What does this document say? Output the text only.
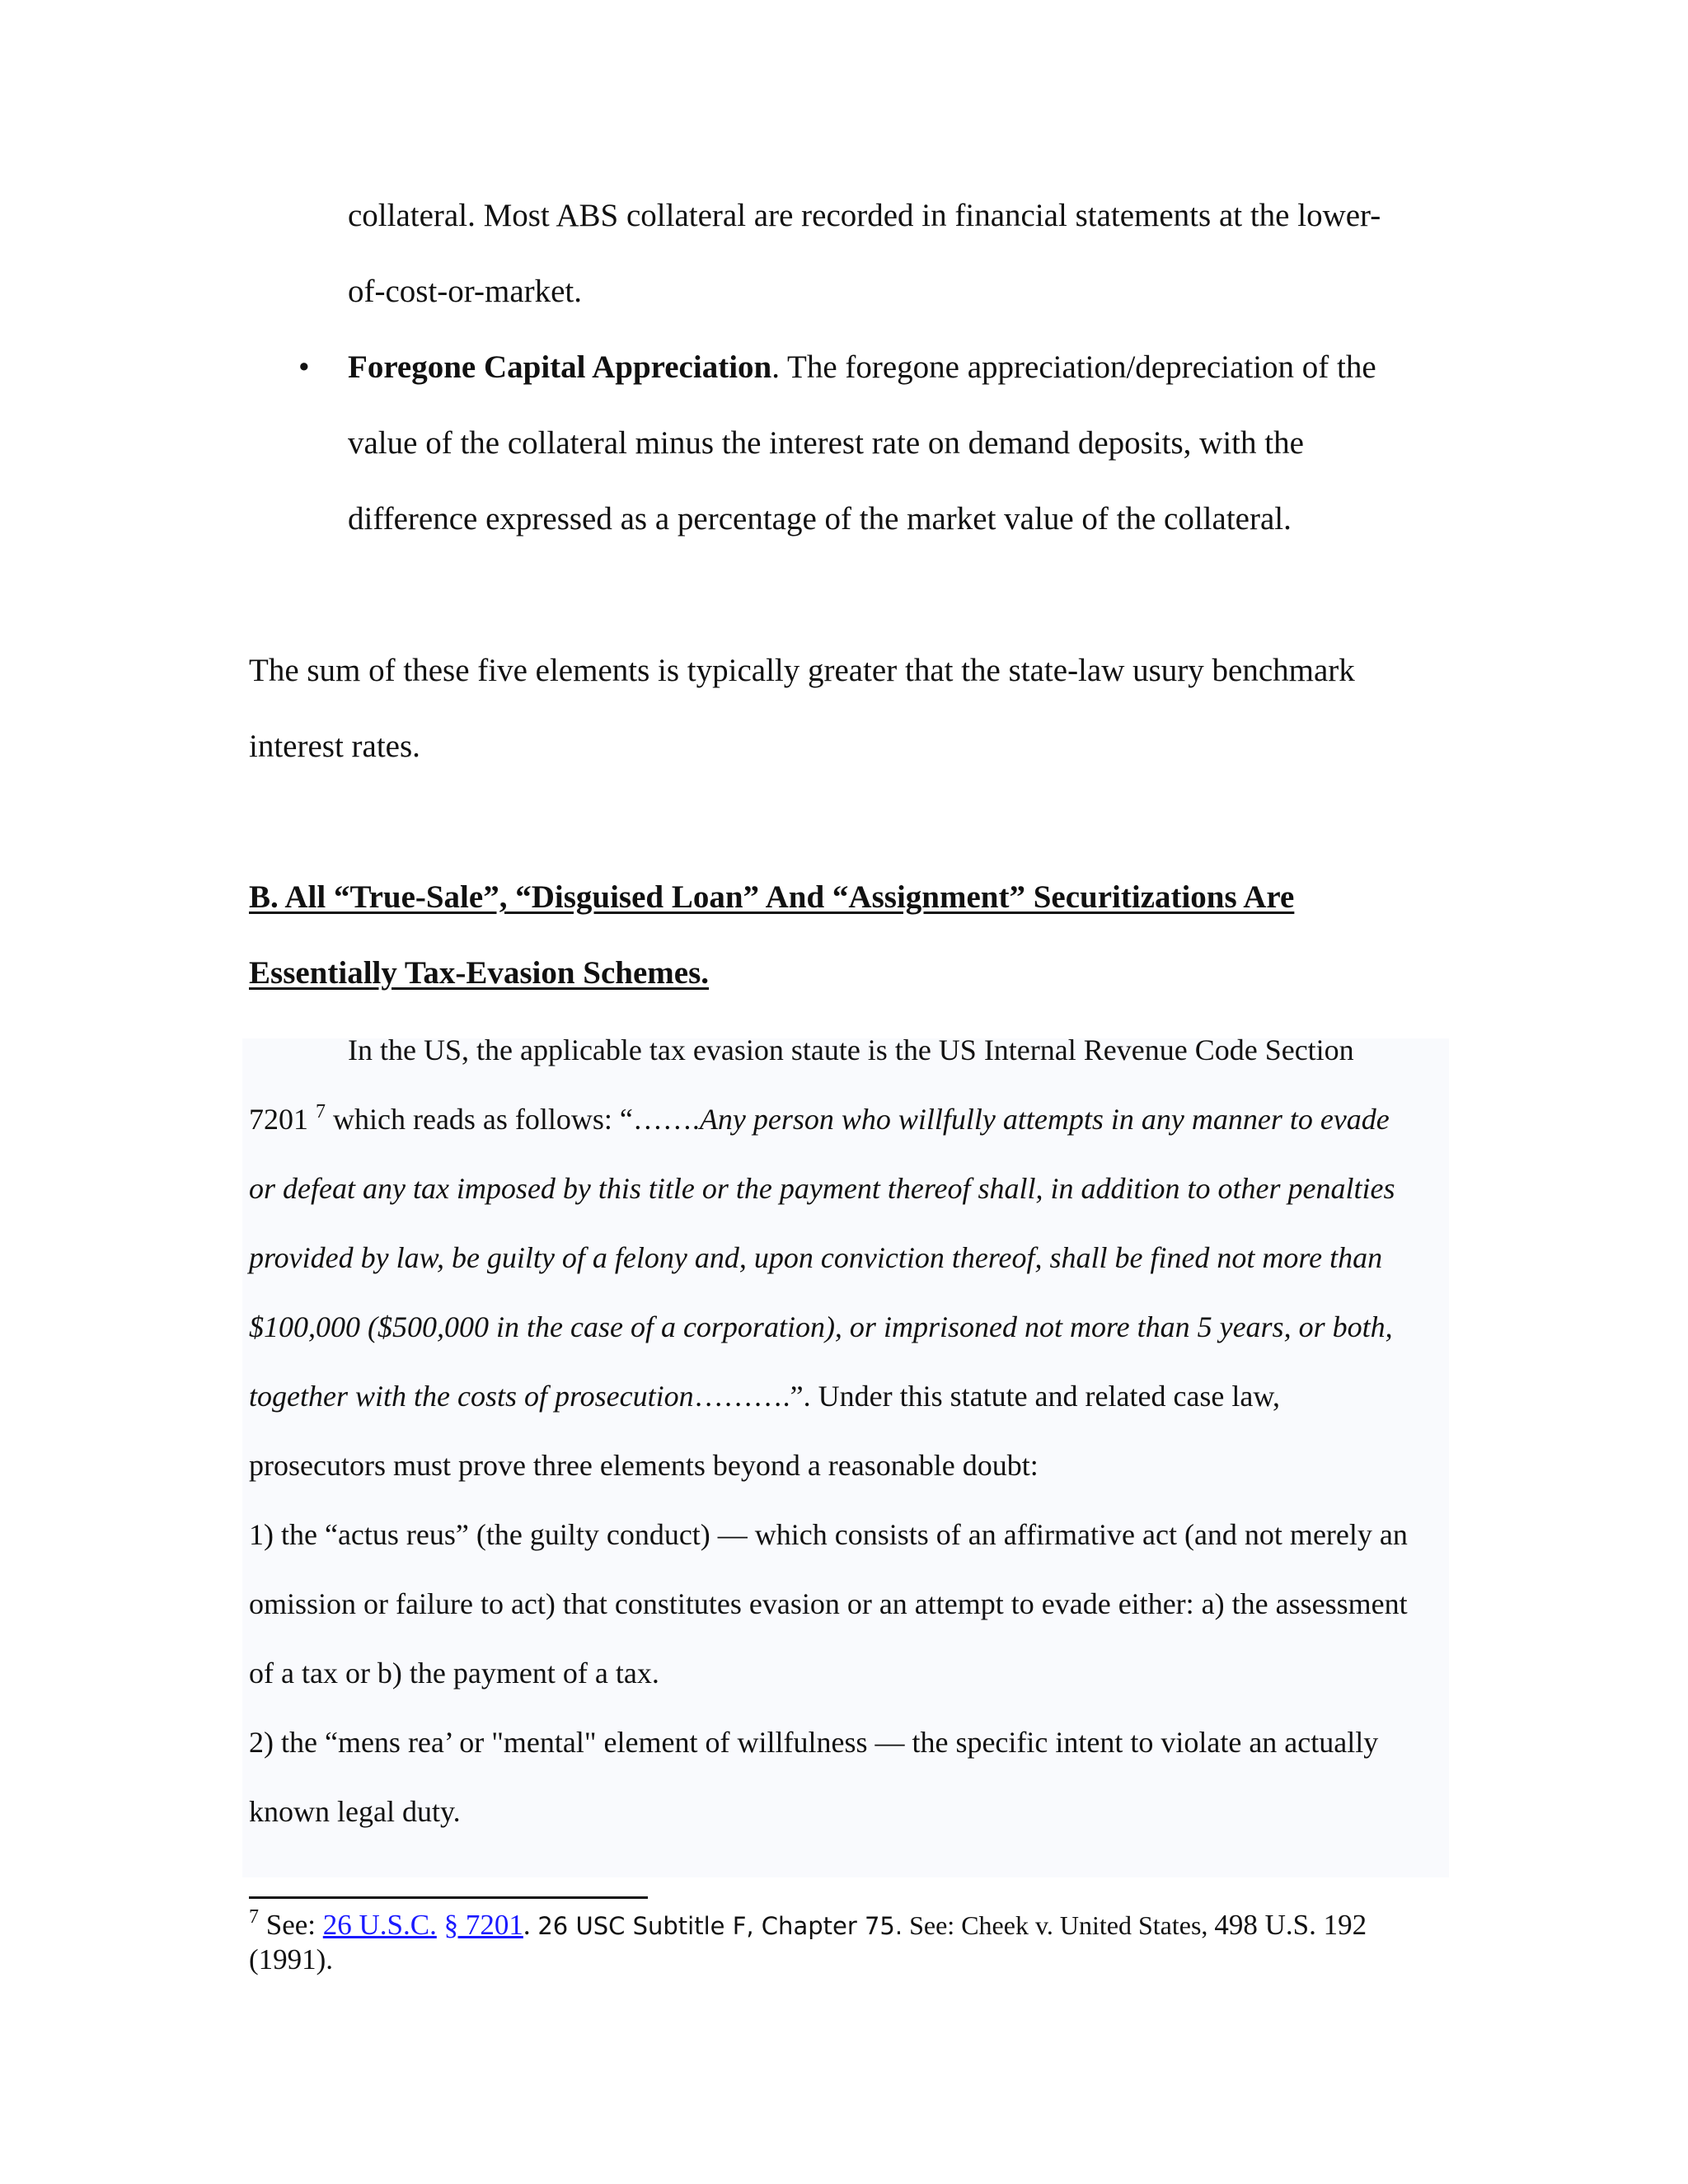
collateral. Most ABS collateral are recorded in financial statements at the lower-
of-cost-or-market.
• Foregone Capital Appreciation. The foregone appreciation/depreciation of the
value of the collateral minus the interest rate on demand deposits, with the
difference expressed as a percentage of the market value of the collateral.
The sum of these five elements is typically greater that the state-law usury benchmark
interest rates.
B. All “True-Sale”, “Disguised Loan” And “Assignment” Securitizations Are
Essentially Tax-Evasion Schemes.
In the US, the applicable tax evasion staute is the US Internal Revenue Code Section
7201 $^7$ which reads as follows: “…….Any person who willfully attempts in any manner to evade
or defeat any tax imposed by this title or the payment thereof shall, in addition to other penalties
provided by law, be guilty of a felony and, upon conviction thereof, shall be fined not more than
$100,000 ($500,000 in the case of a corporation), or imprisoned not more than 5 years, or both,
together with the costs of prosecution……….”. Under this statute and related case law,
prosecutors must prove three elements beyond a reasonable doubt:
1) the “actus reus” (the guilty conduct) — which consists of an affirmative act (and not merely an
omission or failure to act) that constitutes evasion or an attempt to evade either: a) the assessment
of a tax or b) the payment of a tax.
2) the “mens rea’ or "mental" element of willfulness — the specific intent to violate an actually
known legal duty.
$^7$ See: 26 U.S.C. § 7201. 26 USC Subtitle F, Chapter 75. See: Cheek v. United States, 498 U.S. 192
(1991).
